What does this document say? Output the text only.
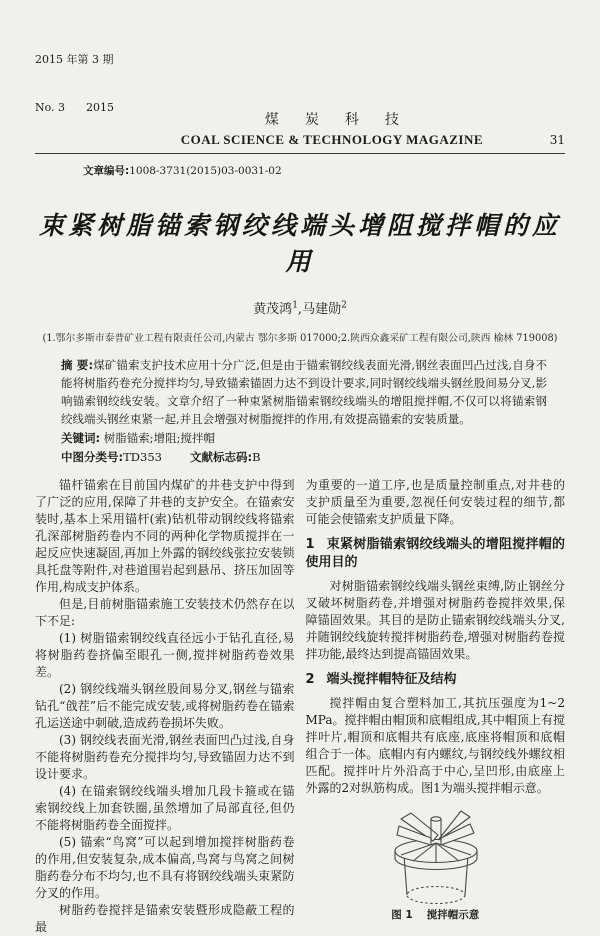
2015 年第 3 期

No. 3      2015

煤炭科技
COAL SCIENCE & TECHNOLOGY MAGAZINE	31
文章编号:1008-3731(2015)03-0031-02
束紧树脂锚索钢绞线端头增阻搅拌帽的应用

黄茂鸿$^1$,马建勋$^2$

(1.鄂尔多斯市泰普矿业工程有限责任公司,内蒙古 鄂尔多斯 017000;2.陕西众鑫采矿工程有限公司,陕西 榆林 719008)

摘 要:煤矿锚索支护技术应用十分广泛,但是由于锚索钢绞线表面光滑,钢丝表面凹凸过浅,自身不能将树脂药卷充分搅拌均匀,导致锚索锚固力达不到设计要求,同时钢绞线端头钢丝股间易分叉,影响锚索钢绞线安装。文章介绍了一种束紧树脂锚索钢绞线端头的增阻搅拌帽,不仅可以将锚索钢绞线端头钢丝束紧一起,并且会增强对树脂搅拌的作用,有效提高锚索的安装质量。
关键词: 树脂锚索;增阻;搅拌帽
中图分类号:TD353 文献标志码:B

锚杆锚索在目前国内煤矿的井巷支护中得到了广泛的应用,保障了井巷的支护安全。在锚索安装时,基本上采用锚杆(索)钻机带动钢绞线将锚索孔深部树脂药卷内不同的两种化学物质搅拌在一起反应快速凝固,再加上外露的钢绞线张拉安装锁具托盘等附件,对巷道围岩起到悬吊、挤压加固等作用,构成支护体系。

但是,目前树脂锚索施工安装技术仍然存在以下不足:

(1) 树脂锚索钢绞线直径远小于钻孔直径,易将树脂药卷挤偏至眼孔一侧,搅拌树脂药卷效果差。

(2) 钢绞线端头钢丝股间易分叉,钢丝与锚索钻孔“戗茬”后不能完成安装,或将树脂药卷在锚索孔运送途中刺破,造成药卷损坏失败。

(3) 钢绞线表面光滑,钢丝表面凹凸过浅,自身不能将树脂药卷充分搅拌均匀,导致锚固力达不到设计要求。

(4) 在锚索钢绞线端头增加几段卡箍或在锚索钢绞线上加套铁圈,虽然增加了局部直径,但仍不能将树脂药卷全面搅拌。

(5) 锚索“鸟窝”可以起到增加搅拌树脂药卷的作用,但安装复杂,成本偏高,鸟窝与鸟窝之间树脂药卷分布不均匀,也不具有将钢绞线端头束紧防分叉的作用。

树脂药卷搅拌是锚索安装暨形成隐蔽工程的最

为重要的一道工序,也是质量控制重点,对井巷的支护质量至为重要,忽视任何安装过程的细节,都可能会使锚索支护质量下降。

1 束紧树脂锚索钢绞线端头的增阻搅拌帽的使用目的

对树脂锚索钢绞线端头钢丝束缚,防止钢丝分叉破坏树脂药卷,并增强对树脂药卷搅拌效果,保障锚固效果。其目的是防止锚索钢绞线端头分叉,并随钢绞线旋转搅拌树脂药卷,增强对树脂药卷搅拌功能,最终达到提高锚固效果。

2 端头搅拌帽特征及结构

搅拌帽由复合塑料加工,其抗压强度为1~2 MPa。搅拌帽由帽顶和底帽组成,其中帽顶上有搅拌叶片,帽顶和底帽共有底座,底座将帽顶和底帽组合于一体。底帽内有内螺纹,与钢绞线外螺纹相匹配。搅拌叶片外沿高于中心,呈凹形,由底座上外露的2对纵筋构成。图1为端头搅拌帽示意。

图 1 搅拌帽示意
